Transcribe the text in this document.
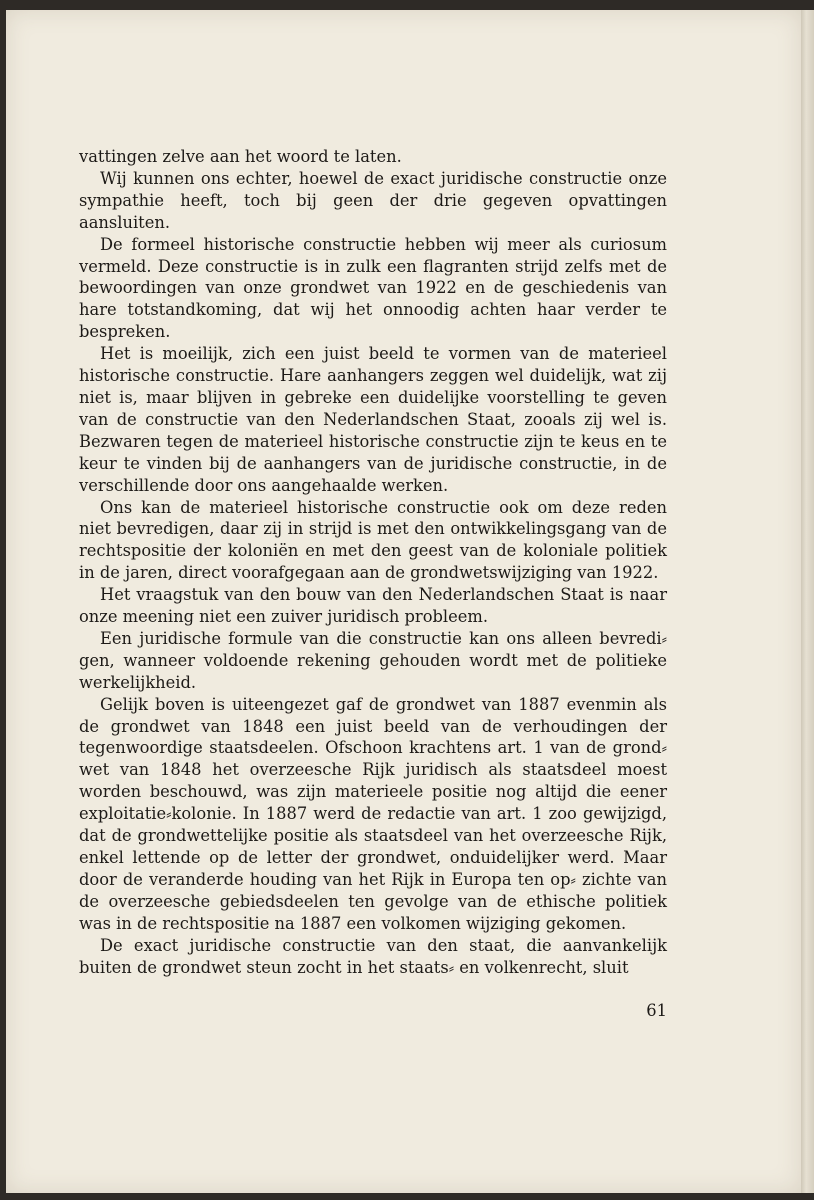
vattingen zelve aan het woord te laten.

Wij kunnen ons echter, hoewel de exact juridische constructie onze sympathie heeft, toch bij geen der drie gegeven opvattingen aansluiten.

De formeel historische constructie hebben wij meer als curiosum vermeld. Deze constructie is in zulk een flagranten strijd zelfs met de bewoordingen van onze grondwet van 1922 en de geschiedenis van hare totstandkoming, dat wij het onnoodig achten haar verder te bespreken.

Het is moeilijk, zich een juist beeld te vormen van de materieel historische constructie. Hare aanhangers zeggen wel duidelijk, wat zij niet is, maar blijven in gebreke een duidelijke voorstelling te geven van de constructie van den Nederlandschen Staat, zooals zij wel is. Bezwaren tegen de materieel historische constructie zijn te keus en te keur te vinden bij de aanhangers van de juridische constructie, in de verschillende door ons aangehaalde werken.

Ons kan de materieel historische constructie ook om deze reden niet bevredigen, daar zij in strijd is met den ontwikkelingsgang van de rechtspositie der koloniën en met den geest van de koloniale politiek in de jaren, direct voorafgegaan aan de grondwetswijziging van 1922.

Het vraagstuk van den bouw van den Nederlandschen Staat is naar onze meening niet een zuiver juridisch probleem.

Een juridische formule van die constructie kan ons alleen bevredi⸗ gen, wanneer voldoende rekening gehouden wordt met de politieke werkelijkheid.

Gelijk boven is uiteengezet gaf de grondwet van 1887 evenmin als de grondwet van 1848 een juist beeld van de verhoudingen der tegenwoordige staatsdeelen. Ofschoon krachtens art. 1 van de grond⸗ wet van 1848 het overzeesche Rijk juridisch als staatsdeel moest worden beschouwd, was zijn materieele positie nog altijd die eener exploitatie⸗kolonie. In 1887 werd de redactie van art. 1 zoo gewijzigd, dat de grondwettelijke positie als staatsdeel van het overzeesche Rijk, enkel lettende op de letter der grondwet, onduidelijker werd. Maar door de veranderde houding van het Rijk in Europa ten op⸗ zichte van de overzeesche gebiedsdeelen ten gevolge van de ethische politiek was in de rechtspositie na 1887 een volkomen wijziging gekomen.

De exact juridische constructie van den staat, die aanvankelijk buiten de grondwet steun zocht in het staats⸗ en volkenrecht, sluit

61
